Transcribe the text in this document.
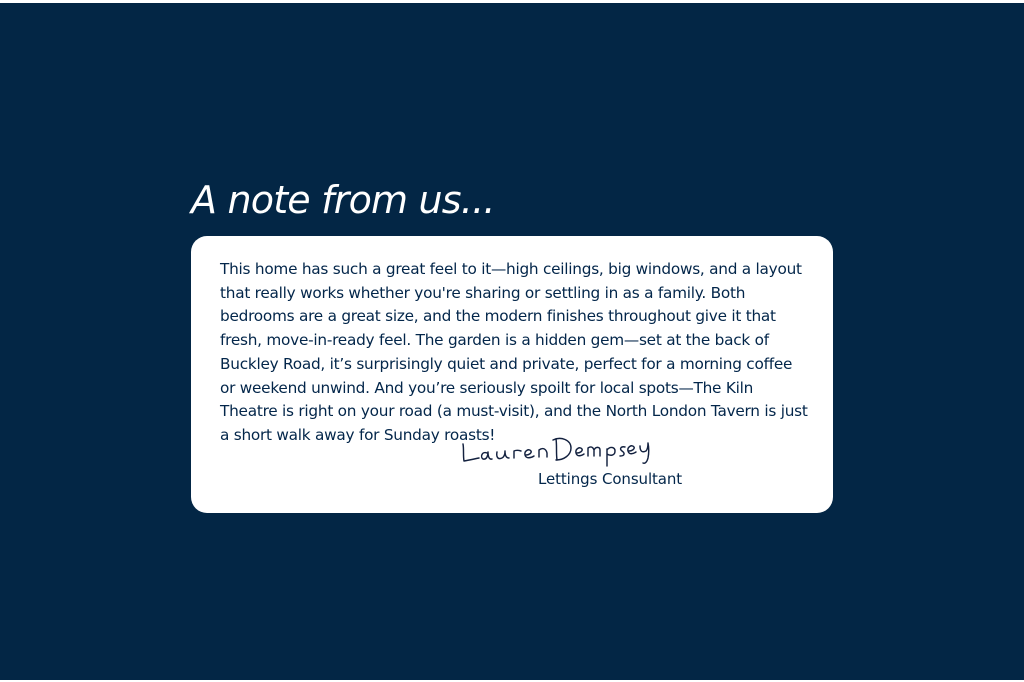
A note from us...

This home has such a great feel to it—high ceilings, big windows, and a layout that really works whether you're sharing or settling in as a family. Both bedrooms are a great size, and the modern finishes throughout give it that fresh, move-in-ready feel. The garden is a hidden gem—set at the back of Buckley Road, it’s surprisingly quiet and private, perfect for a morning coffee or weekend unwind. And you’re seriously spoilt for local spots—The Kiln Theatre is right on your road (a must-visit), and the North London Tavern is just a short walk away for Sunday roasts!

Lettings Consultant
